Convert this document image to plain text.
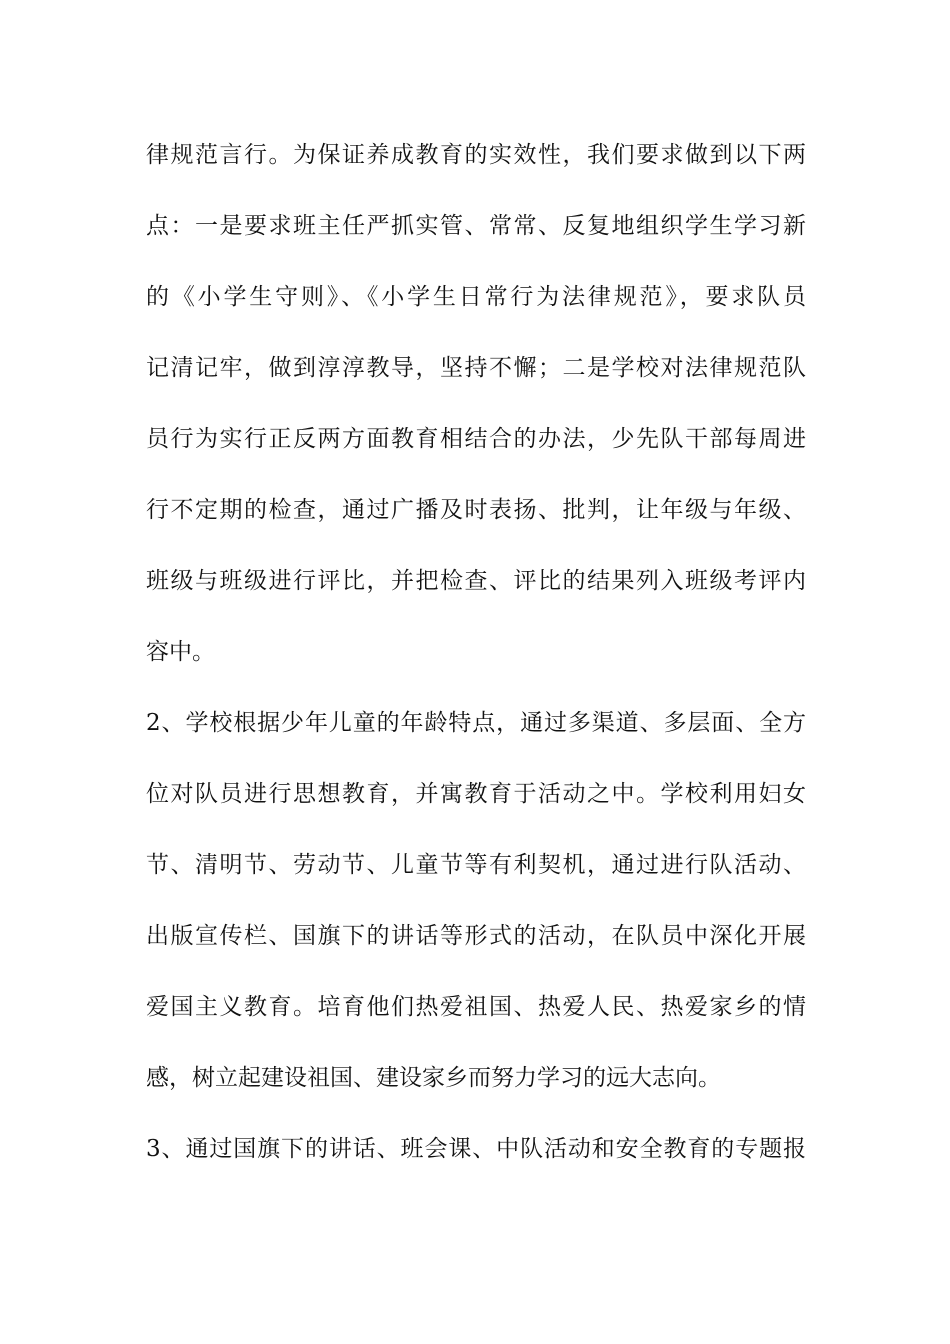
律规范言行。为保证养成教育的实效性，我们要求做到以下两
点：一是要求班主任严抓实管、常常、反复地组织学生学习新
的《小学生守则》、《小学生日常行为法律规范》，要求队员
记清记牢，做到淳淳教导，坚持不懈；二是学校对法律规范队
员行为实行正反两方面教育相结合的办法，少先队干部每周进
行不定期的检查，通过广播及时表扬、批判，让年级与年级、
班级与班级进行评比，并把检查、评比的结果列入班级考评内
容中。
2、学校根据少年儿童的年龄特点，通过多渠道、多层面、全方
位对队员进行思想教育，并寓教育于活动之中。学校利用妇女
节、清明节、劳动节、儿童节等有利契机，通过进行队活动、
出版宣传栏、国旗下的讲话等形式的活动，在队员中深化开展
爱国主义教育。培育他们热爱祖国、热爱人民、热爱家乡的情
感，树立起建设祖国、建设家乡而努力学习的远大志向。
3、通过国旗下的讲话、班会课、中队活动和安全教育的专题报
